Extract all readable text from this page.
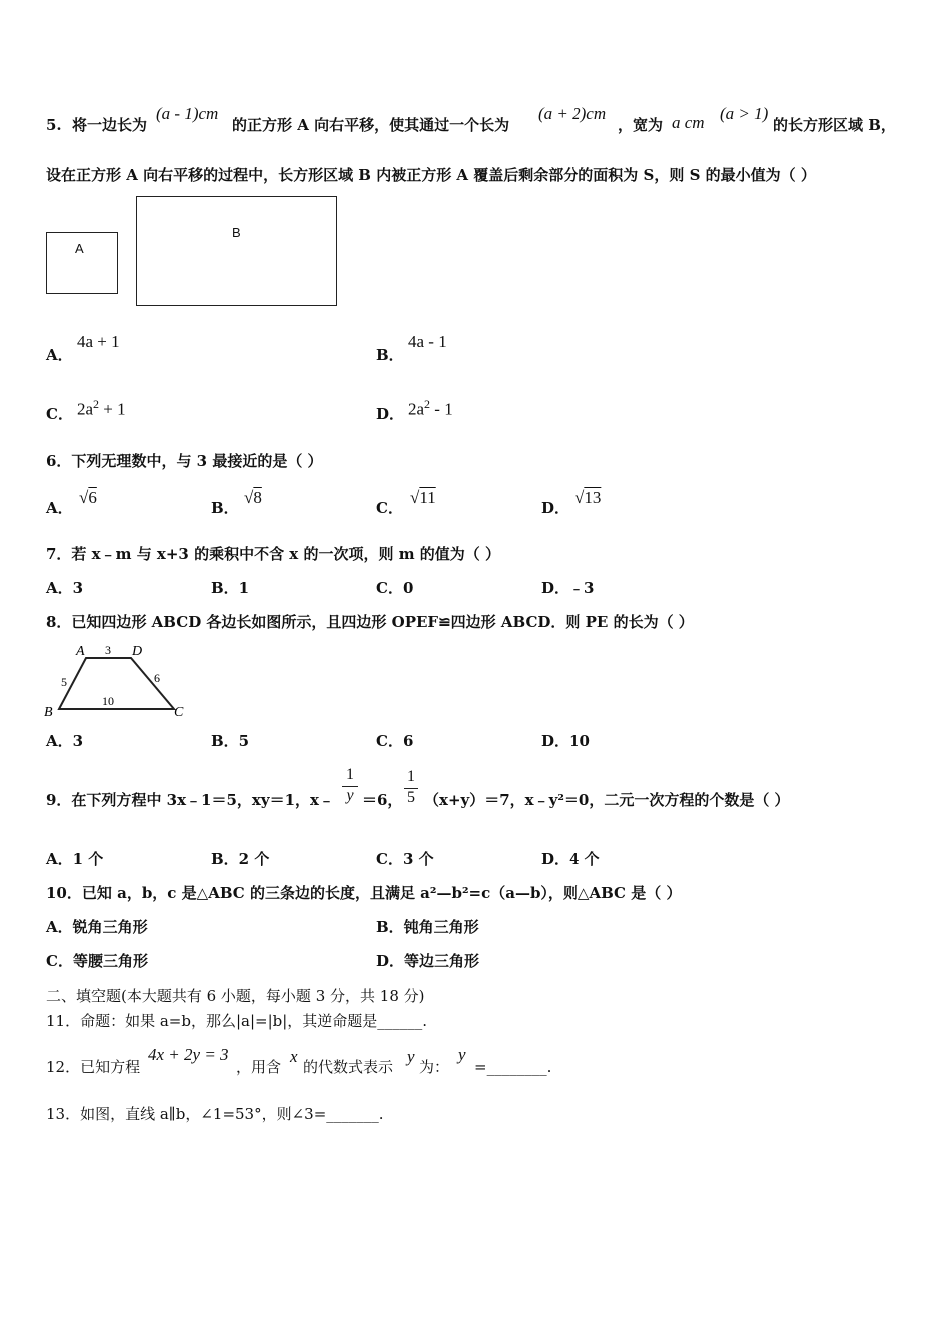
5. 将一边长为
(a - 1)cm
的正方形 A 向右平移，使其通过一个长为
(a + 2)cm
，宽为 a cm (a > 1)
的长方形区域 B，
设在正方形 A 向右平移的过程中，长方形区域 B 内被正方形 A 覆盖后剩余部分的面积为 S，则 S 的最小值为（ ）
A
B
A．
4a + 1
B．
4a - 1
C． $2a^2 + 1$	D． $2a^2 - 1$
6．下列无理数中，与 3 最接近的是（ ）
A．
√6
B．
√8
C．
√11
D．
√13
7．若 x﹣m 与 x+3 的乘积中不含 x 的一次项，则 m 的值为（ ）
A．3	B．1	C．0	D．﹣3
8．已知四边形 ABCD 各边长如图所示，且四边形 OPEF≌四边形 ABCD．则 PE 的长为（ ）
A	D
B	C
3
5	6
10
A．3	B．5	C．6	D．10
9．在下列方程中 3x﹣1＝5，xy＝1，x﹣ $\frac{1}{y} =6$， $\frac{1}{5} (x+y)=7$，x﹣y²＝0，二元一次方程的个数是（ ）
A．1 个	B．2 个	C．3 个	D．4 个
10．已知 a，b，c 是△ABC 的三条边的长度，且满足 a²—b²=c（a—b），则△ABC 是（ ）
A．锐角三角形	B．钝角三角形
C．等腰三角形	D．等边三角形
二、填空题(本大题共有 6 小题，每小题 3 分，共 18 分)
11．命题：如果 a=b，那么|a|=|b|，其逆命题是______.
12．已知方程
4x + 2y = 3
，用含
x
的代数式表示
y
为：
y
=________.
13．如图，直线 a∥b，∠1=53°，则∠3=_______.
